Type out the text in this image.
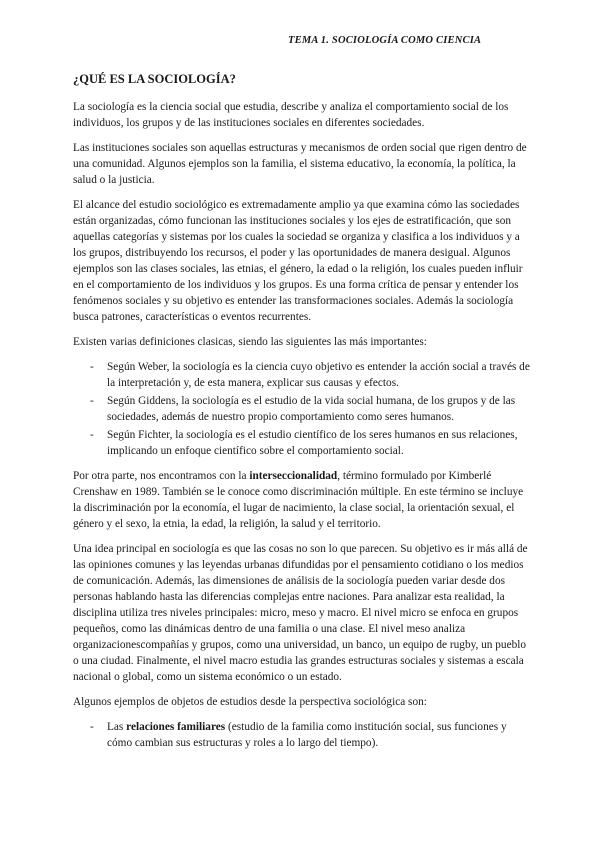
TEMA 1. SOCIOLOGÍA COMO CIENCIA
¿QUÉ ES LA SOCIOLOGÍA?

La sociología es la ciencia social que estudia, describe y analiza el comportamiento social de los individuos, los grupos y de las instituciones sociales en diferentes sociedades.

Las instituciones sociales son aquellas estructuras y mecanismos de orden social que rigen dentro de una comunidad. Algunos ejemplos son la familia, el sistema educativo, la economía, la política, la salud o la justicia.

El alcance del estudio sociológico es extremadamente amplio ya que examina cómo las sociedades están organizadas, cómo funcionan las instituciones sociales y los ejes de estratificación, que son aquellas categorías y sistemas por los cuales la sociedad se organiza y clasifica a los individuos y a los grupos, distribuyendo los recursos, el poder y las oportunidades de manera desigual. Algunos ejemplos son las clases sociales, las etnias, el género, la edad o la religión, los cuales pueden influir en el comportamiento de los individuos y los grupos. Es una forma crítica de pensar y entender los fenómenos sociales y su objetivo es entender las transformaciones sociales. Además la sociología busca patrones, características o eventos recurrentes.

Existen varias definiciones clasicas, siendo las siguientes las más importantes:

- Según Weber, la sociología es la ciencia cuyo objetivo es entender la acción social a través de la interpretación y, de esta manera, explicar sus causas y efectos.
- Según Giddens, la sociología es el estudio de la vida social humana, de los grupos y de las sociedades, además de nuestro propio comportamiento como seres humanos.
- Según Fichter, la sociología es el estudio científico de los seres humanos en sus relaciones, implicando un enfoque científico sobre el comportamiento social.

Por otra parte, nos encontramos con la interseccionalidad, término formulado por Kimberlé Crenshaw en 1989. También se le conoce como discriminación múltiple. En este término se incluye la discriminación por la economía, el lugar de nacimiento, la clase social, la orientación sexual, el género y el sexo, la etnia, la edad, la religión, la salud y el territorio.

Una idea principal en sociología es que las cosas no son lo que parecen. Su objetivo es ir más allá de las opiniones comunes y las leyendas urbanas difundidas por el pensamiento cotidiano o los medios de comunicación. Además, las dimensiones de análisis de la sociología pueden variar desde dos personas hablando hasta las diferencias complejas entre naciones. Para analizar esta realidad, la disciplina utiliza tres niveles principales: micro, meso y macro. El nivel micro se enfoca en grupos pequeños, como las dinámicas dentro de una familia o una clase. El nivel meso analiza organizacionescompañías y grupos, como una universidad, un banco, un equipo de rugby, un pueblo o una ciudad. Finalmente, el nivel macro estudia las grandes estructuras sociales y sistemas a escala nacional o global, como un sistema económico o un estado.

Algunos ejemplos de objetos de estudios desde la perspectiva sociológica son:

- Las relaciones familiares (estudio de la familia como institución social, sus funciones y cómo cambian sus estructuras y roles a lo largo del tiempo).
